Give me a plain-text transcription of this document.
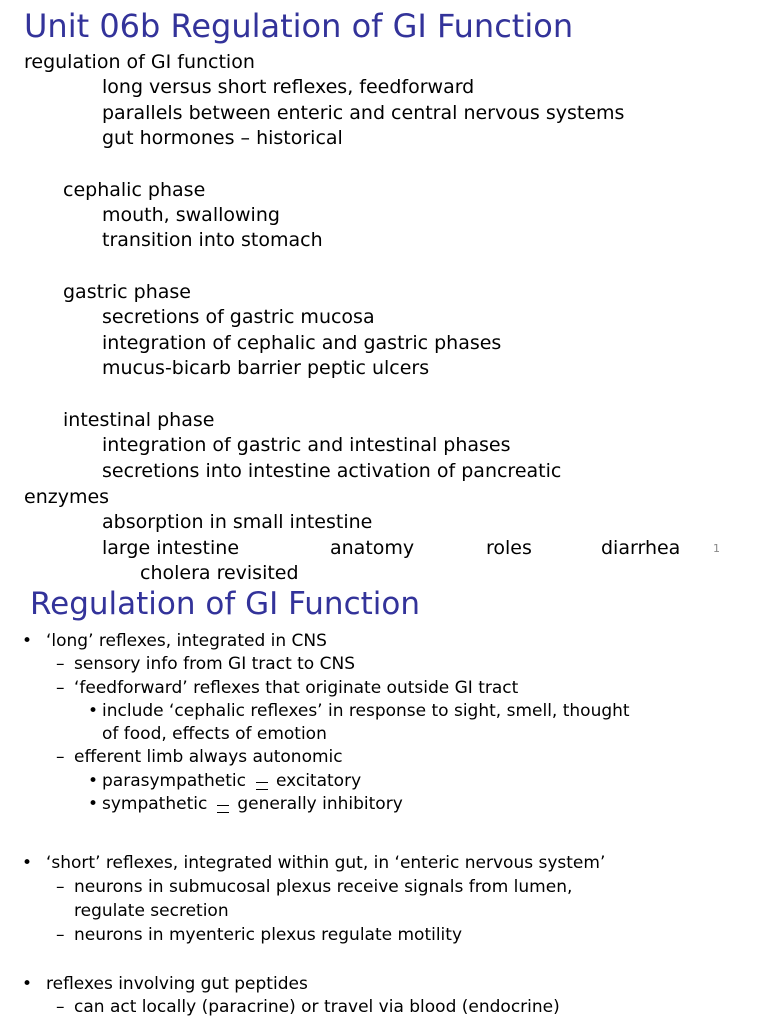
Unit 06b Regulation of GI Function
regulation of GI function
long versus short reflexes, feedforward
parallels between enteric and central nervous systems
gut hormones – historical
cephalic phase
mouth, swallowing
transition into stomach
gastric phase
secretions of gastric mucosa
integration of cephalic and gastric phases
mucus-bicarb barrier peptic ulcers
intestinal phase
integration of gastric and intestinal phases
secretions into intestine activation of pancreatic
enzymes
absorption in small intestine
large intestine	anatomy	roles	diarrhea
cholera revisited
1
Regulation of GI Function
• ‘long’ reflexes, integrated in CNS
– sensory info from GI tract to CNS
– ‘feedforward’ reflexes that originate outside GI tract
• include ‘cephalic reflexes’ in response to sight, smell, thought
of food, effects of emotion
– efferent limb always autonomic
• parasympathetic excitatory
• sympathetic generally inhibitory
• ‘short’ reflexes, integrated within gut, in ‘enteric nervous system’
– neurons in submucosal plexus receive signals from lumen,
regulate secretion
– neurons in myenteric plexus regulate motility
• reflexes involving gut peptides
– can act locally (paracrine) or travel via blood (endocrine)
